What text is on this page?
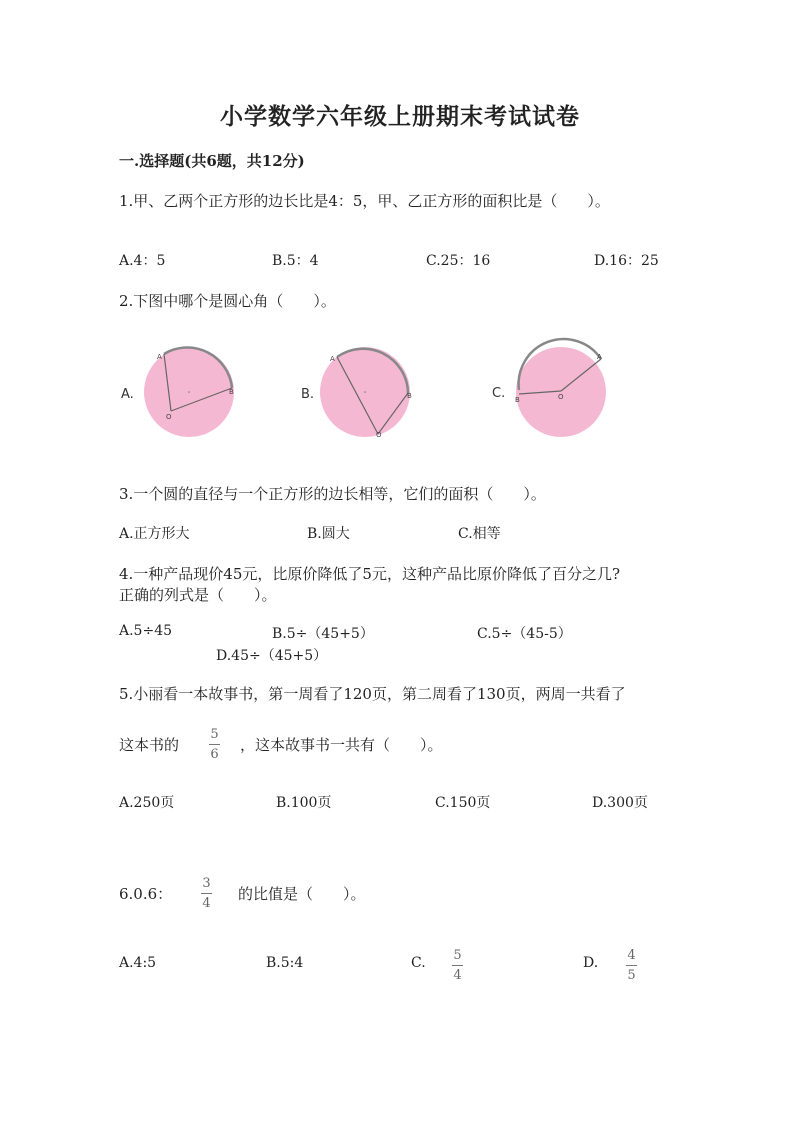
小学数学六年级上册期末考试试卷
一.选择题(共6题，共12分)
1.甲、乙两个正方形的边长比是4：5，甲、乙正方形的面积比是（　　）。
A.4：5	B.5：4	C.25：16	D.16：25
2.下图中哪个是圆心角（　　）。
A.
A
B
O
B.
A
B
O
C.
A
B	O
3.一个圆的直径与一个正方形的边长相等，它们的面积（　　）。
A.正方形大	B.圆大	C.相等
4.一种产品现价45元，比原价降低了5元，这种产品比原价降低了百分之几?
正确的列式是（　　）。
A.5÷45	B.5÷（45+5）	C.5÷（45-5）
D.45÷（45+5）
5.小丽看一本故事书，第一周看了120页，第二周看了130页，两周一共看了
这本书的
5
6
，这本故事书一共有（　　）。
A.250页	B.100页	C.150页	D.300页
6.0.6：
3
4
的比值是（　　）。
A.4:5	B.5:4	C. 5
4
D. 4
5
